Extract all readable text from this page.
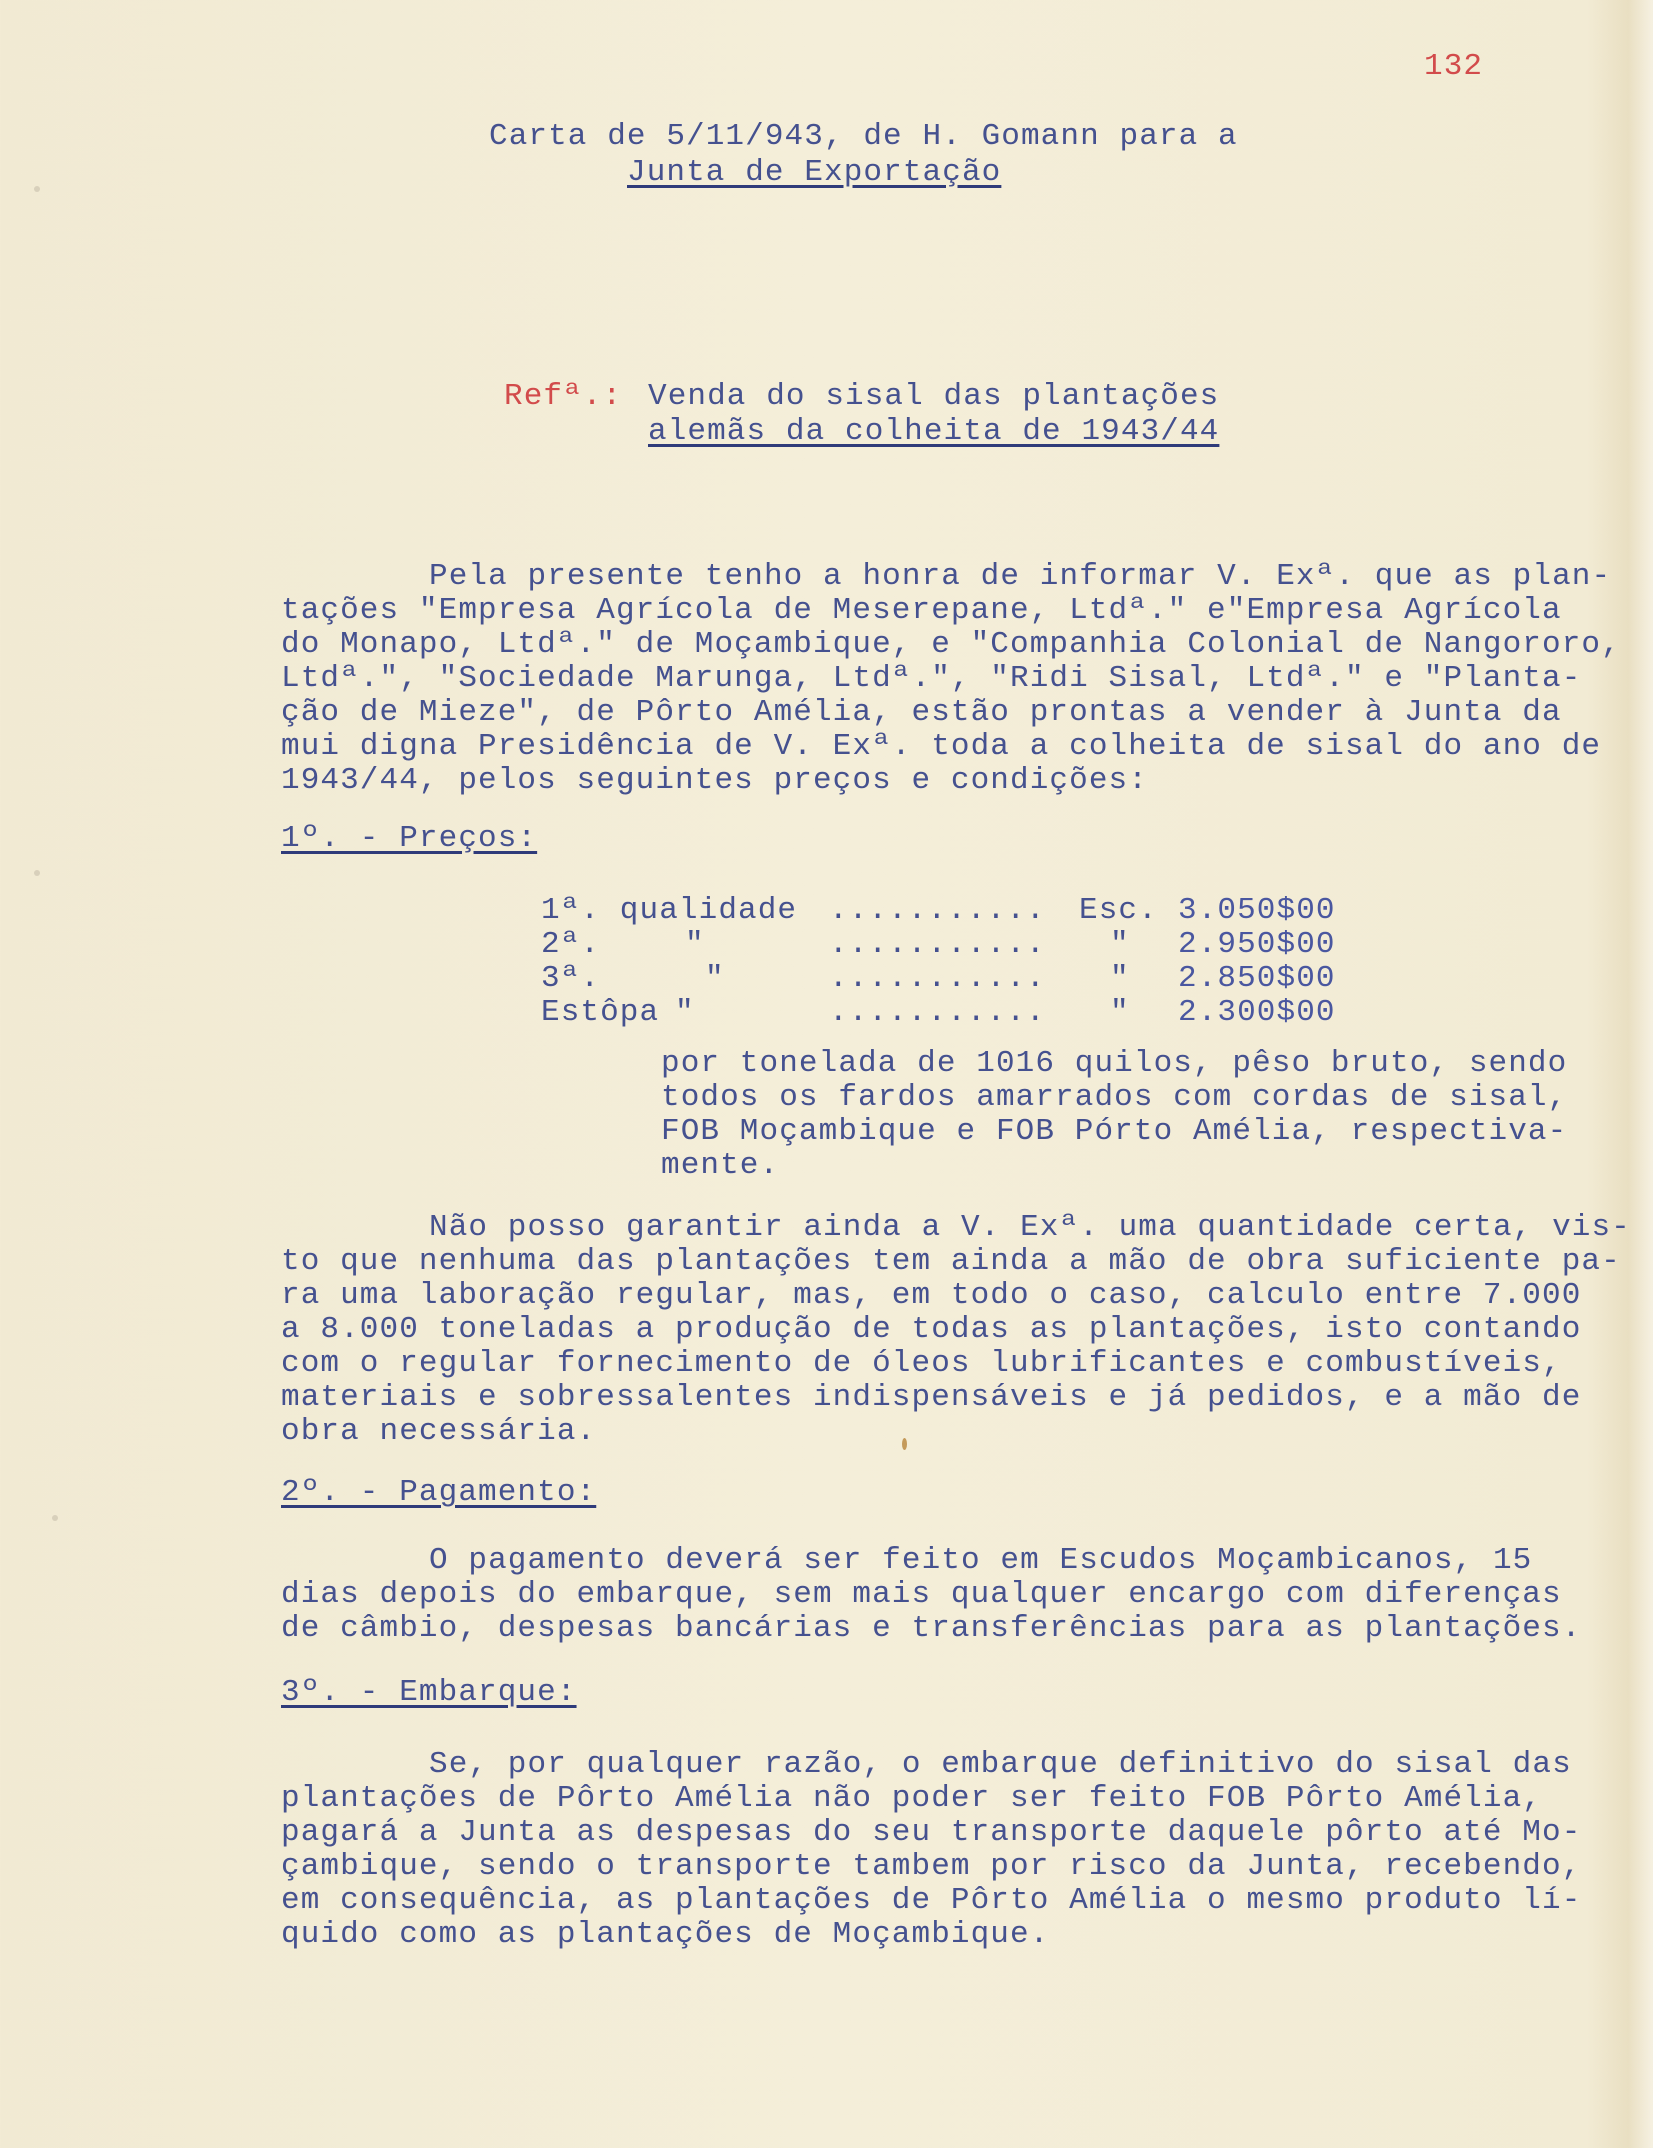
132
Carta de 5/11/943, de H. Gomann para a
Junta de Exportação
Refª.: Venda do sisal das plantações
alemãs da colheita de 1943/44
Pela presente tenho a honra de informar V. Exª. que as plan-
tações "Empresa Agrícola de Meserepane, Ltdª." e"Empresa Agrícola
do Monapo, Ltdª." de Moçambique, e "Companhia Colonial de Nangororo,
Ltdª.", "Sociedade Marunga, Ltdª.", "Ridi Sisal, Ltdª." e "Planta-
ção de Mieze", de Pôrto Amélia, estão prontas a vender à Junta da
mui digna Presidência de V. Exª. toda a colheita de sisal do ano de
1943/44, pelos seguintes preços e condições:
1º. - Preços:
1ª. qualidade ........... Esc. 3.050$00
2ª.	"	........... " 2.950$00
3ª.	"	........... " 2.850$00
Estôpa "	........... " 2.300$00
por tonelada de 1016 quilos, pêso bruto, sendo
todos os fardos amarrados com cordas de sisal,
FOB Moçambique e FOB Pórto Amélia, respectiva-
mente.
Não posso garantir ainda a V. Exª. uma quantidade certa, vis-
to que nenhuma das plantações tem ainda a mão de obra suficiente pa-
ra uma laboração regular, mas, em todo o caso, calculo entre 7.000
a 8.000 toneladas a produção de todas as plantações, isto contando
com o regular fornecimento de óleos lubrificantes e combustíveis,
materiais e sobressalentes indispensáveis e já pedidos, e a mão de
obra necessária.
2º. - Pagamento:
O pagamento deverá ser feito em Escudos Moçambicanos, 15
dias depois do embarque, sem mais qualquer encargo com diferenças
de câmbio, despesas bancárias e transferências para as plantações.
3º. - Embarque:
Se, por qualquer razão, o embarque definitivo do sisal das
plantações de Pôrto Amélia não poder ser feito FOB Pôrto Amélia,
pagará a Junta as despesas do seu transporte daquele pôrto até Mo-
çambique, sendo o transporte tambem por risco da Junta, recebendo,
em consequência, as plantações de Pôrto Amélia o mesmo produto lí-
quido como as plantações de Moçambique.
